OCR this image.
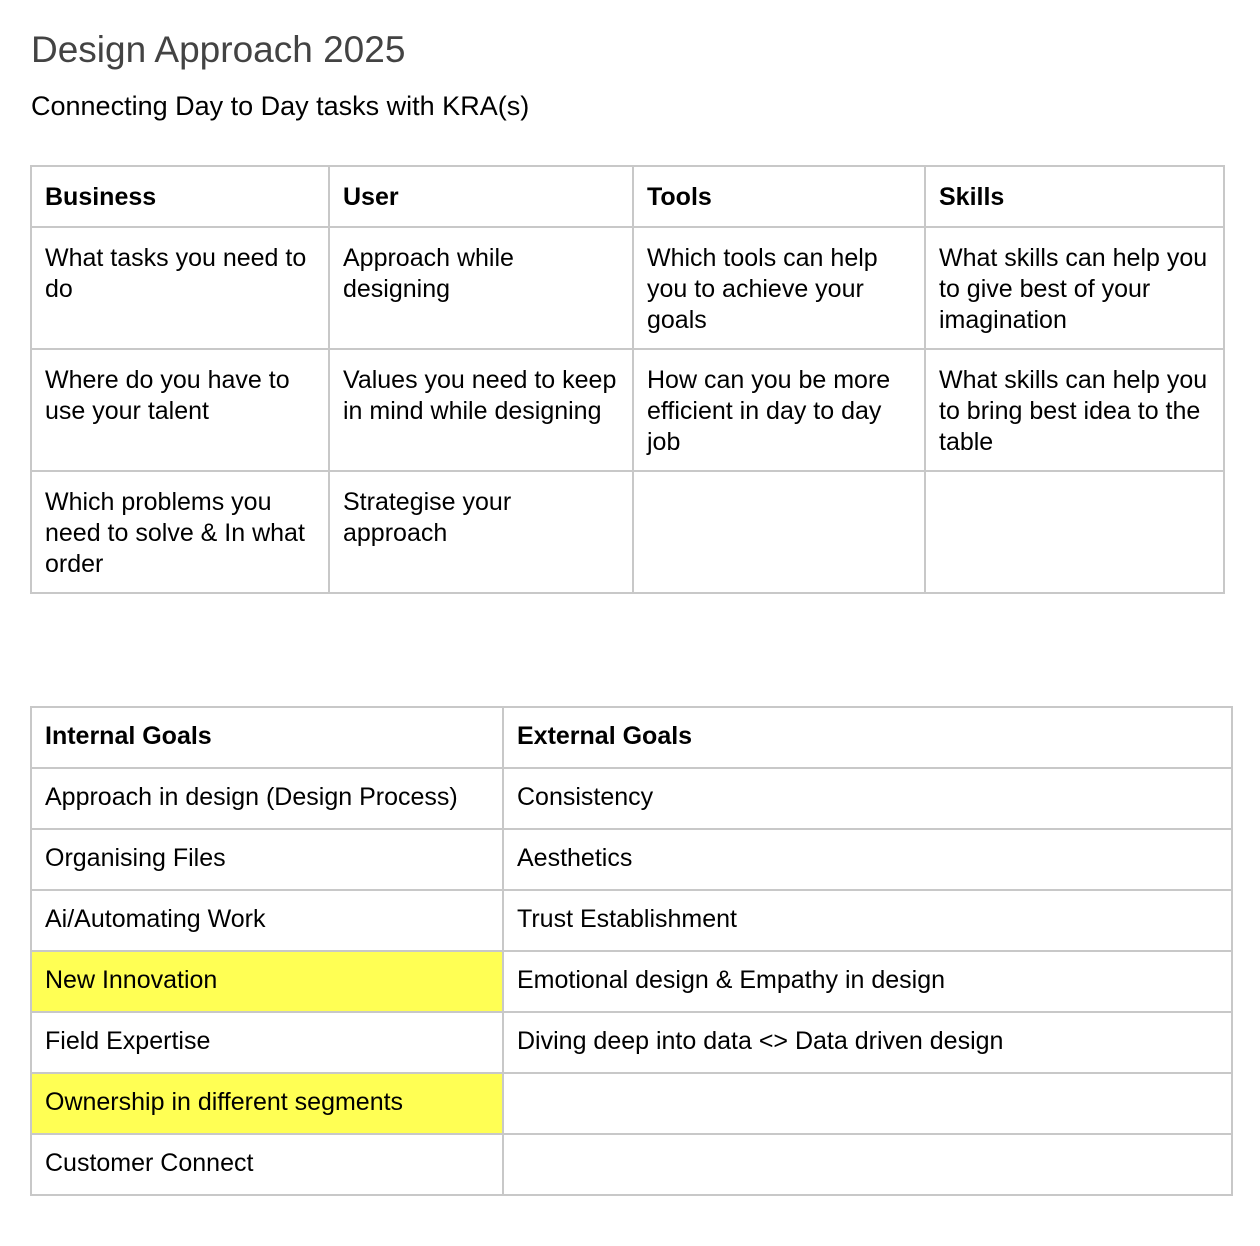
Design Approach 2025
Connecting Day to Day tasks with KRA(s)
Business	User	Tools	Skills
What tasks you need to do	Approach while designing	Which tools can help you to achieve your goals	What skills can help you to give best of your imagination
Where do you have to use your talent	Values you need to keep in mind while designing	How can you be more efficient in day to day job	What skills can help you to bring best idea to the table
Which problems you need to solve & In what order	Strategise your approach		
Internal Goals	External Goals
Approach in design (Design Process)	Consistency
Organising Files	Aesthetics
Ai/Automating Work	Trust Establishment
New Innovation	Emotional design & Empathy in design
Field Expertise	Diving deep into data <> Data driven design
Ownership in different segments	
Customer Connect	
